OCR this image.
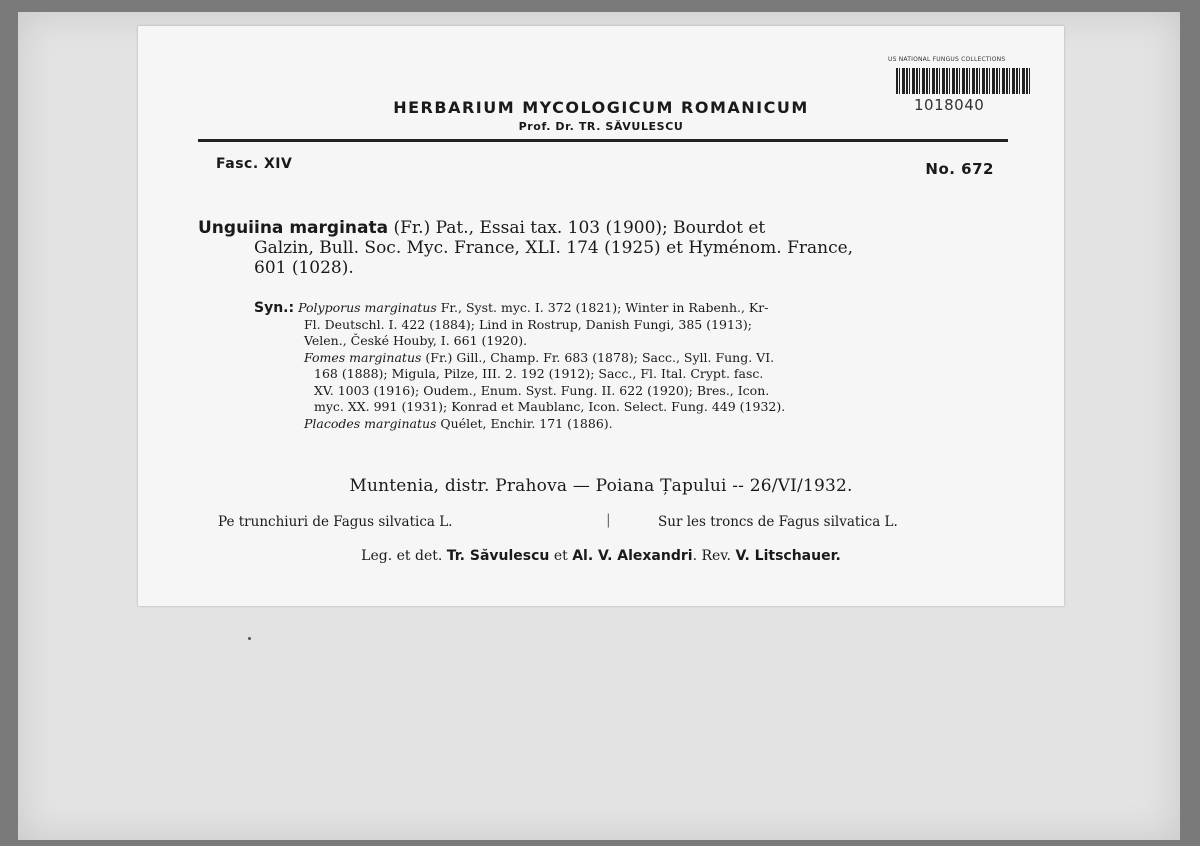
US NATIONAL FUNGUS COLLECTIONS
1018040
HERBARIUM MYCOLOGICUM ROMANICUM
Prof. Dr. TR. SĂVULESCU
Fasc. XIV	No. 672
Unguiina marginata (Fr.) Pat., Essai tax. 103 (1900); Bourdot et
Galzin, Bull. Soc. Myc. France, XLI. 174 (1925) et Hyménom. France,
601 (1028).
Syn.: Polyporus marginatus Fr., Syst. myc. I. 372 (1821); Winter in Rabenh., Kr-
Fl. Deutschl. I. 422 (1884); Lind in Rostrup, Danish Fungi, 385 (1913);
Velen., České Houby, I. 661 (1920).
Fomes marginatus (Fr.) Gill., Champ. Fr. 683 (1878); Sacc., Syll. Fung. VI.
168 (1888); Migula, Pilze, III. 2. 192 (1912); Sacc., Fl. Ital. Crypt. fasc.
XV. 1003 (1916); Oudem., Enum. Syst. Fung. II. 622 (1920); Bres., Icon.
myc. XX. 991 (1931); Konrad et Maublanc, Icon. Select. Fung. 449 (1932).
Placodes marginatus Quélet, Enchir. 171 (1886).
Muntenia, distr. Prahova — Poiana Țapului -- 26/VI/1932.
Pe trunchiuri de Fagus silvatica L.	|	Sur les troncs de Fagus silvatica L.
Leg. et det. Tr. Săvulescu et Al. V. Alexandri. Rev. V. Litschauer.
